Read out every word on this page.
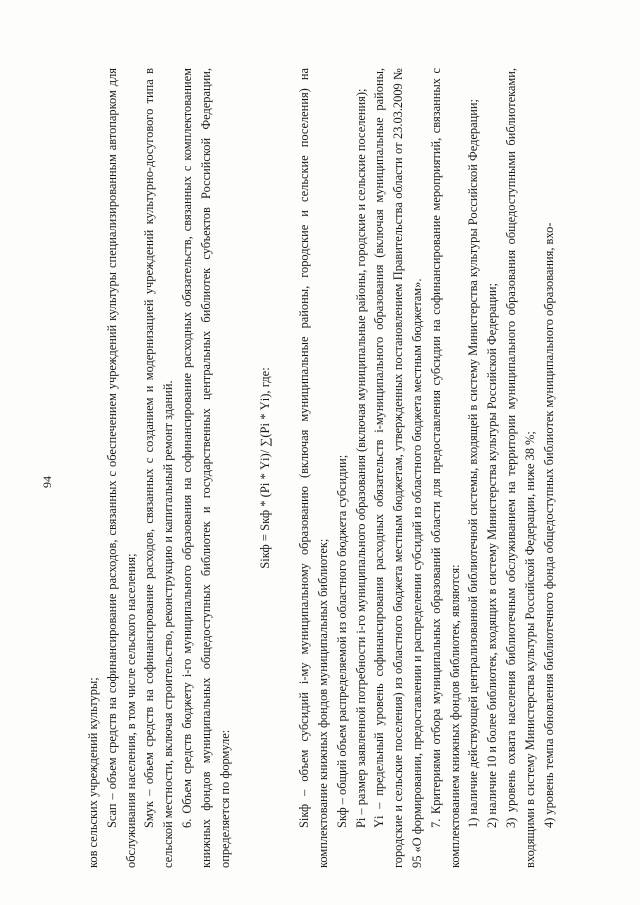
94

ков сельских учреждений культуры; Sсап – объем средств на софинансирование расходов, связанных с обеспечением учреждений культуры специализированным автопарком для обслуживания населения, в том числе сельского населения; Sмук – объем средств на софинансирование расходов, связанных с созданием и модернизацией учреждений культурно-досугового типа в сельской местности, включая строительство, реконструкцию и капитальный ремонт зданий. 6. Объем средств бюджету i-го муниципального образования на софинансирование расходных обязательств, связанных с комплектованием книжных фондов муниципальных общедоступных библиотек и государственных центральных библиотек субъектов Российской Федерации, определяется по формуле:

Sікф = Sкф * (Рі * Yі)/ ∑(Рі * Yі), где: Sікф – объем субсидий i-му муниципальному образованию (включая муниципальные районы, городские и сельские поселения) на комплектование книжных фондов муниципальных библиотек; Sкф – общий объем распределяемой из областного бюджета субсидии; Рі – размер заявленной потребности i-го муниципального образования (включая муниципальные районы, городские и сельские поселения); Yі – предельный уровень софинансирования расходных обязательств i-муниципального образования (включая муниципальные районы, городские и сельские поселения) из областного бюджета местным бюджетам, утвержденных постановлением Правительства области от 23.03.2009 № 95 «О формировании, предоставлении и распределении субсидий из областного бюджета местным бюджетам». 7. Критериями отбора муниципальных образований области для предоставления субсидии на софинансирование мероприятий, связанных с комплектованием книжных фондов библиотек, являются: 1) наличие действующей централизованной библиотечной системы, входящей в систему Министерства культуры Российской Федерации; 2) наличие 10 и более библиотек, входящих в систему Министерства культуры Российской Федерации; 3) уровень охвата населения библиотечным обслуживанием на территории муниципального образования общедоступными библиотеками, входящими в систему Министерства культуры Российской Федерации, ниже 38 %; 4) уровень темпа обновления библиотечного фонда общедоступных библиотек муниципального образования, вхо-
